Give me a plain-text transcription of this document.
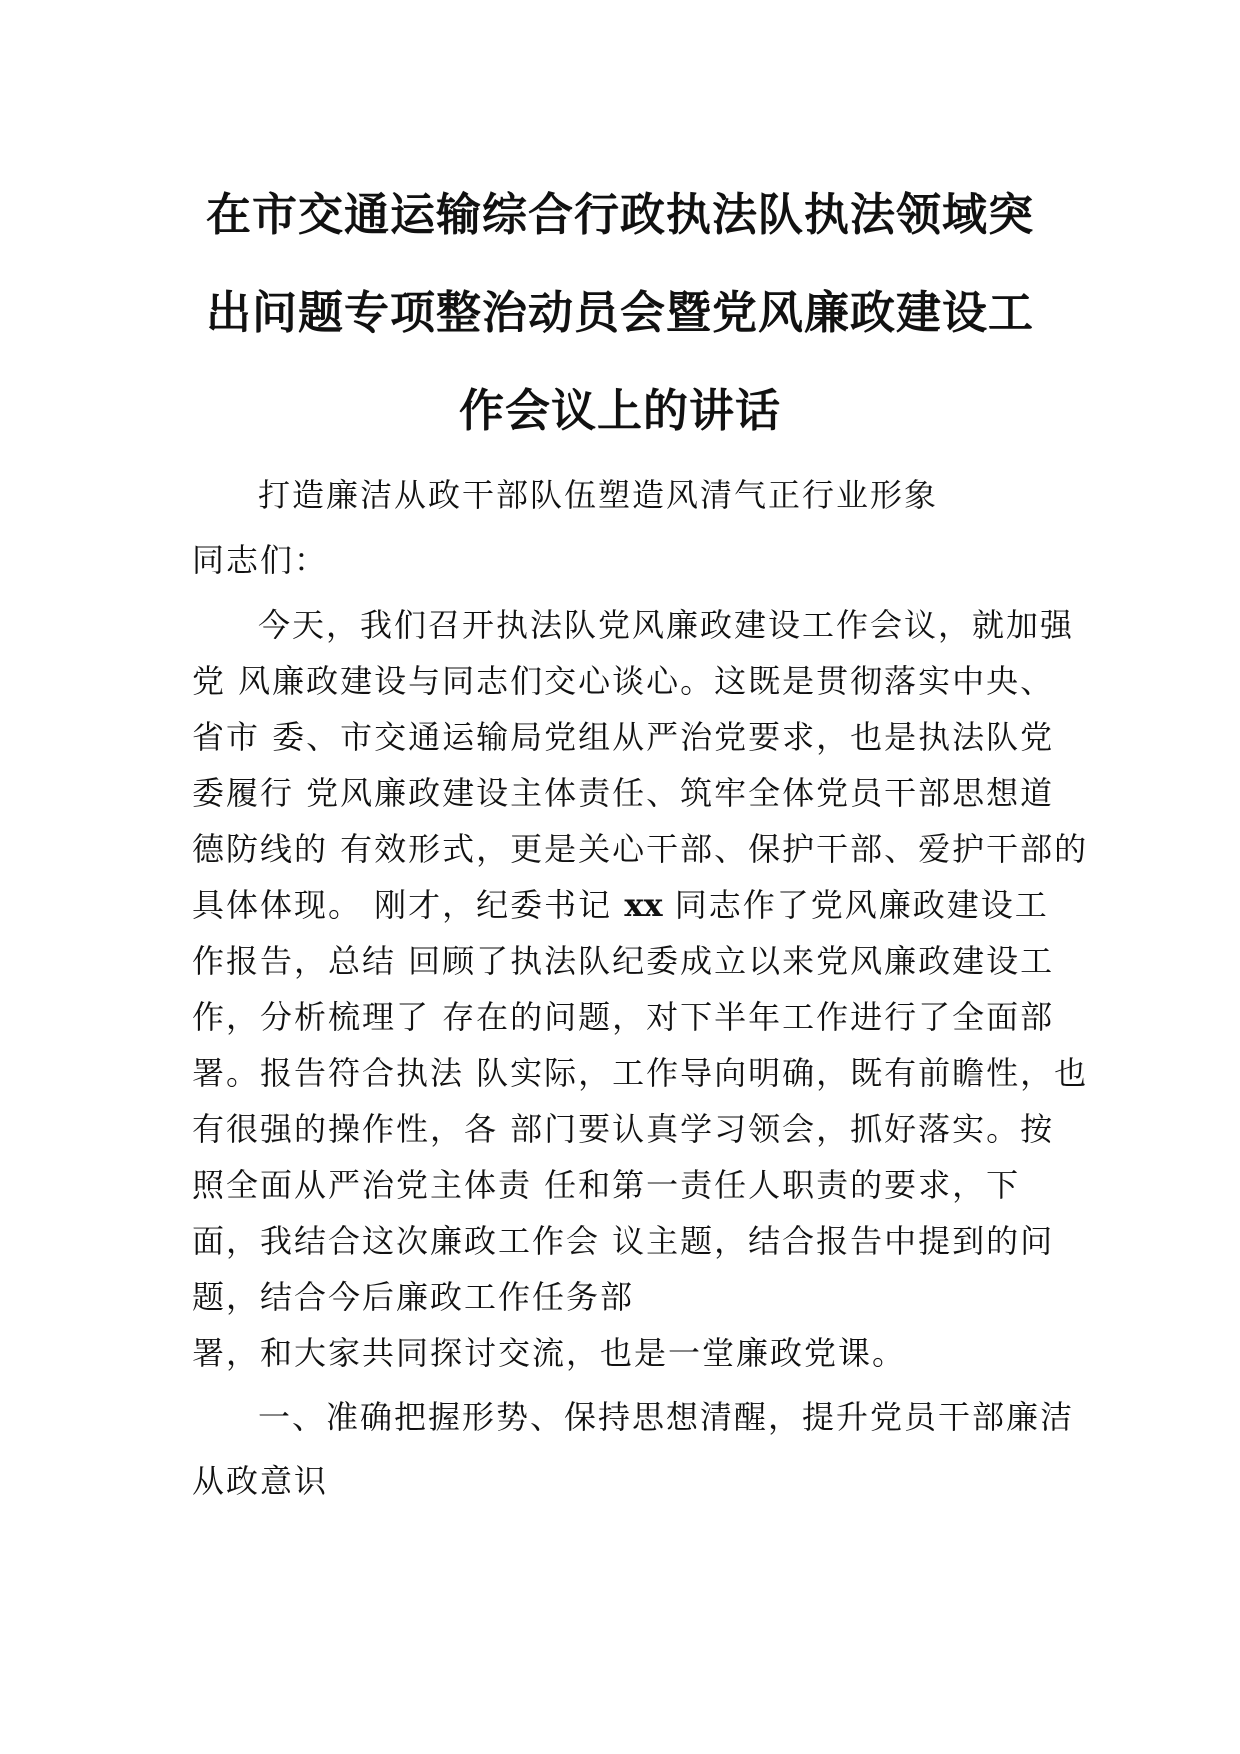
在市交通运输综合行政执法队执法领域突
出问题专项整治动员会暨党风廉政建设工
作会议上的讲话

打造廉洁从政干部队伍塑造风清气正行业形象

同志们：

今天，我们召开执法队党风廉政建设工作会议，就加强

党 风廉政建设与同志们交心谈心。这既是贯彻落实中央、

省市 委、市交通运输局党组从严治党要求，也是执法队党

委履行 党风廉政建设主体责任、筑牢全体党员干部思想道

德防线的 有效形式，更是关心干部、保护干部、爱护干部的

具体体现。 刚才，纪委书记 xx 同志作了党风廉政建设工

作报告，总结 回顾了执法队纪委成立以来党风廉政建设工

作，分析梳理了 存在的问题，对下半年工作进行了全面部

署。报告符合执法 队实际，工作导向明确，既有前瞻性，也

有很强的操作性，各 部门要认真学习领会，抓好落实。按

照全面从严治党主体责 任和第一责任人职责的要求，下

面，我结合这次廉政工作会 议主题，结合报告中提到的问

题，结合今后廉政工作任务部

署，和大家共同探讨交流，也是一堂廉政党课。

一、准确把握形势、保持思想清醒，提升党员干部廉洁

从政意识
